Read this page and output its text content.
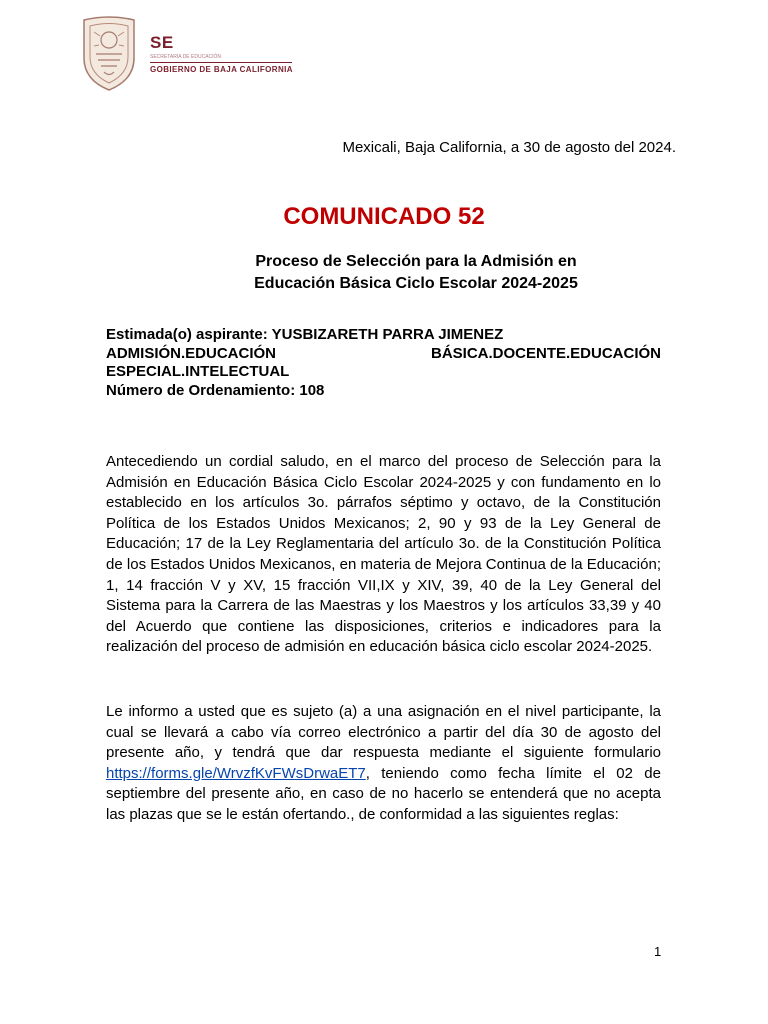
SE
SECRETARÍA DE EDUCACIÓN
GOBIERNO DE BAJA CALIFORNIA
Mexicali, Baja California, a 30 de agosto del 2024.
COMUNICADO 52
Proceso de Selección para la Admisión en
Educación Básica Ciclo Escolar 2024-2025
Estimada(o) aspirante: YUSBIZARETH PARRA JIMENEZ
ADMISIÓN.EDUCACIÓN	BÁSICA.DOCENTE.EDUCACIÓN
ESPECIAL.INTELECTUAL
Número de Ordenamiento: 108
Antecediendo un cordial saludo, en el marco del proceso de Selección para la Admisión en Educación Básica Ciclo Escolar 2024-2025 y con fundamento en lo establecido en los artículos 3o. párrafos séptimo y octavo, de la Constitución Política de los Estados Unidos Mexicanos; 2, 90 y 93 de la Ley General de Educación; 17 de la Ley Reglamentaria del artículo 3o. de la Constitución Política de los Estados Unidos Mexicanos, en materia de Mejora Continua de la Educación; 1, 14 fracción V y XV, 15 fracción VII,IX y XIV, 39, 40 de la Ley General del Sistema para la Carrera de las Maestras y los Maestros y los artículos 33,39 y 40 del Acuerdo que contiene las disposiciones, criterios e indicadores para la realización del proceso de admisión en educación básica ciclo escolar 2024-2025.
Le informo a usted que es sujeto (a) a una asignación en el nivel participante, la cual se llevará a cabo vía correo electrónico a partir del día 30 de agosto del presente año, y tendrá que dar respuesta mediante el siguiente formulario https://forms.gle/WrvzfKvFWsDrwaET7, teniendo como fecha límite el 02 de septiembre del presente año, en caso de no hacerlo se entenderá que no acepta las plazas que se le están ofertando., de conformidad a las siguientes reglas:
1
